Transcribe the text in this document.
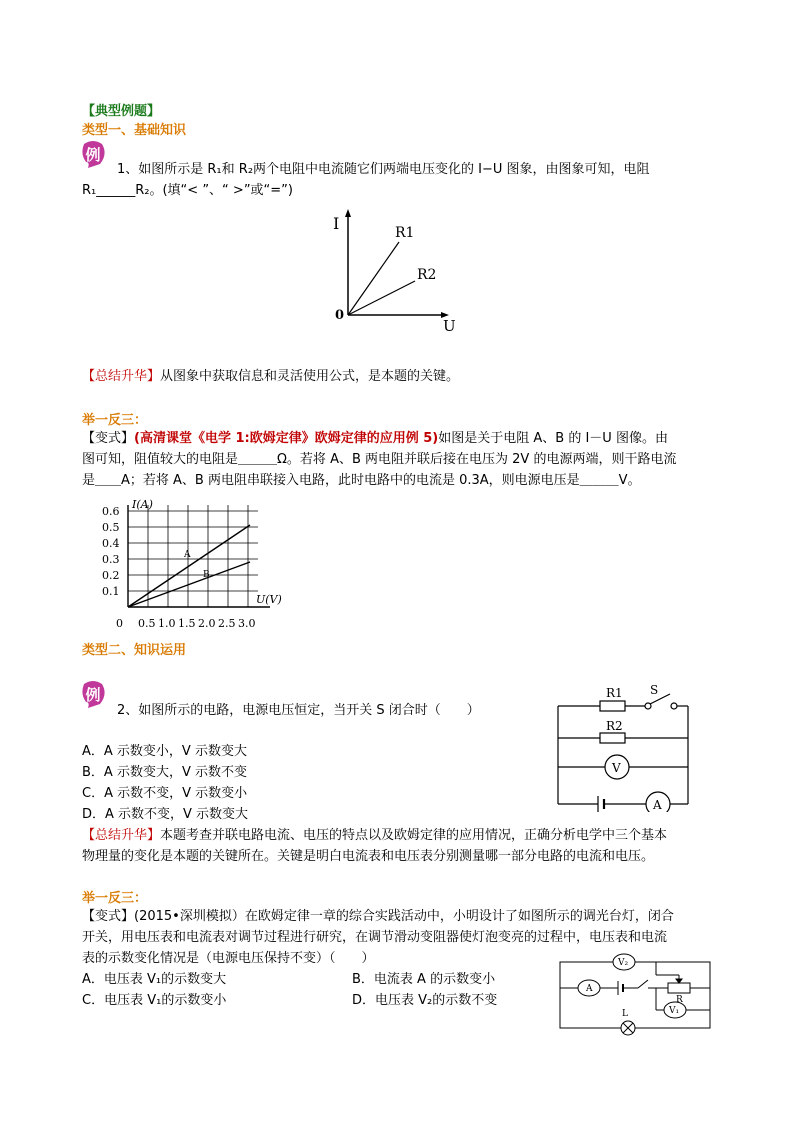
【典型例题】
类型一、基础知识
例
1、如图所示是 R₁和 R₂两个电阻中电流随它们两端电压变化的 I−U 图象，由图象可知，电阻
R₁______R₂。(填“< ”、“ >”或“=”)
I
U
0
R1
R2
【总结升华】从图象中获取信息和灵活使用公式，是本题的关键。
举一反三：
【变式】(高清课堂《电学 1:欧姆定律》欧姆定律的应用例 5)如图是关于电阻 A、B 的 I－U 图像。由
图可知，阻值较大的电阻是＿＿＿Ω。若将 A、B 两电阻并联后接在电压为 2V 的电源两端，则干路电流
是＿＿A；若将 A、B 两电阻串联接入电路，此时电路中的电流是 0.3A，则电源电压是＿＿＿V。
A
B
I(A)
U(V)
0
0.1
0.2
0.3
0.4
0.5
0.6
0.5 1.0 1.5 2.0 2.5 3.0
类型二、知识运用
例
2、如图所示的电路，电源电压恒定，当开关 S 闭合时（　　）
A．A 示数变小，V 示数变大
B．A 示数变大，V 示数不变
C．A 示数不变，V 示数变小
D．A 示数不变，V 示数变大
R1 S
R2
V
A
【总结升华】本题考查并联电路电流、电压的特点以及欧姆定律的应用情况，正确分析电学中三个基本
物理量的变化是本题的关键所在。关键是明白电流表和电压表分别测量哪一部分电路的电流和电压。
举一反三：
【变式】(2015•深圳模拟）在欧姆定律一章的综合实践活动中，小明设计了如图所示的调光台灯，闭合
开关，用电压表和电流表对调节过程进行研究，在调节滑动变阻器使灯泡变亮的过程中，电压表和电流
表的示数变化情况是（电源电压保持不变）（　　）
A．电压表 V₁的示数变大	B．电流表 A 的示数变小
C．电压表 V₁的示数变小	D．电压表 V₂的示数不变
V₂
A
R
V₁
L
